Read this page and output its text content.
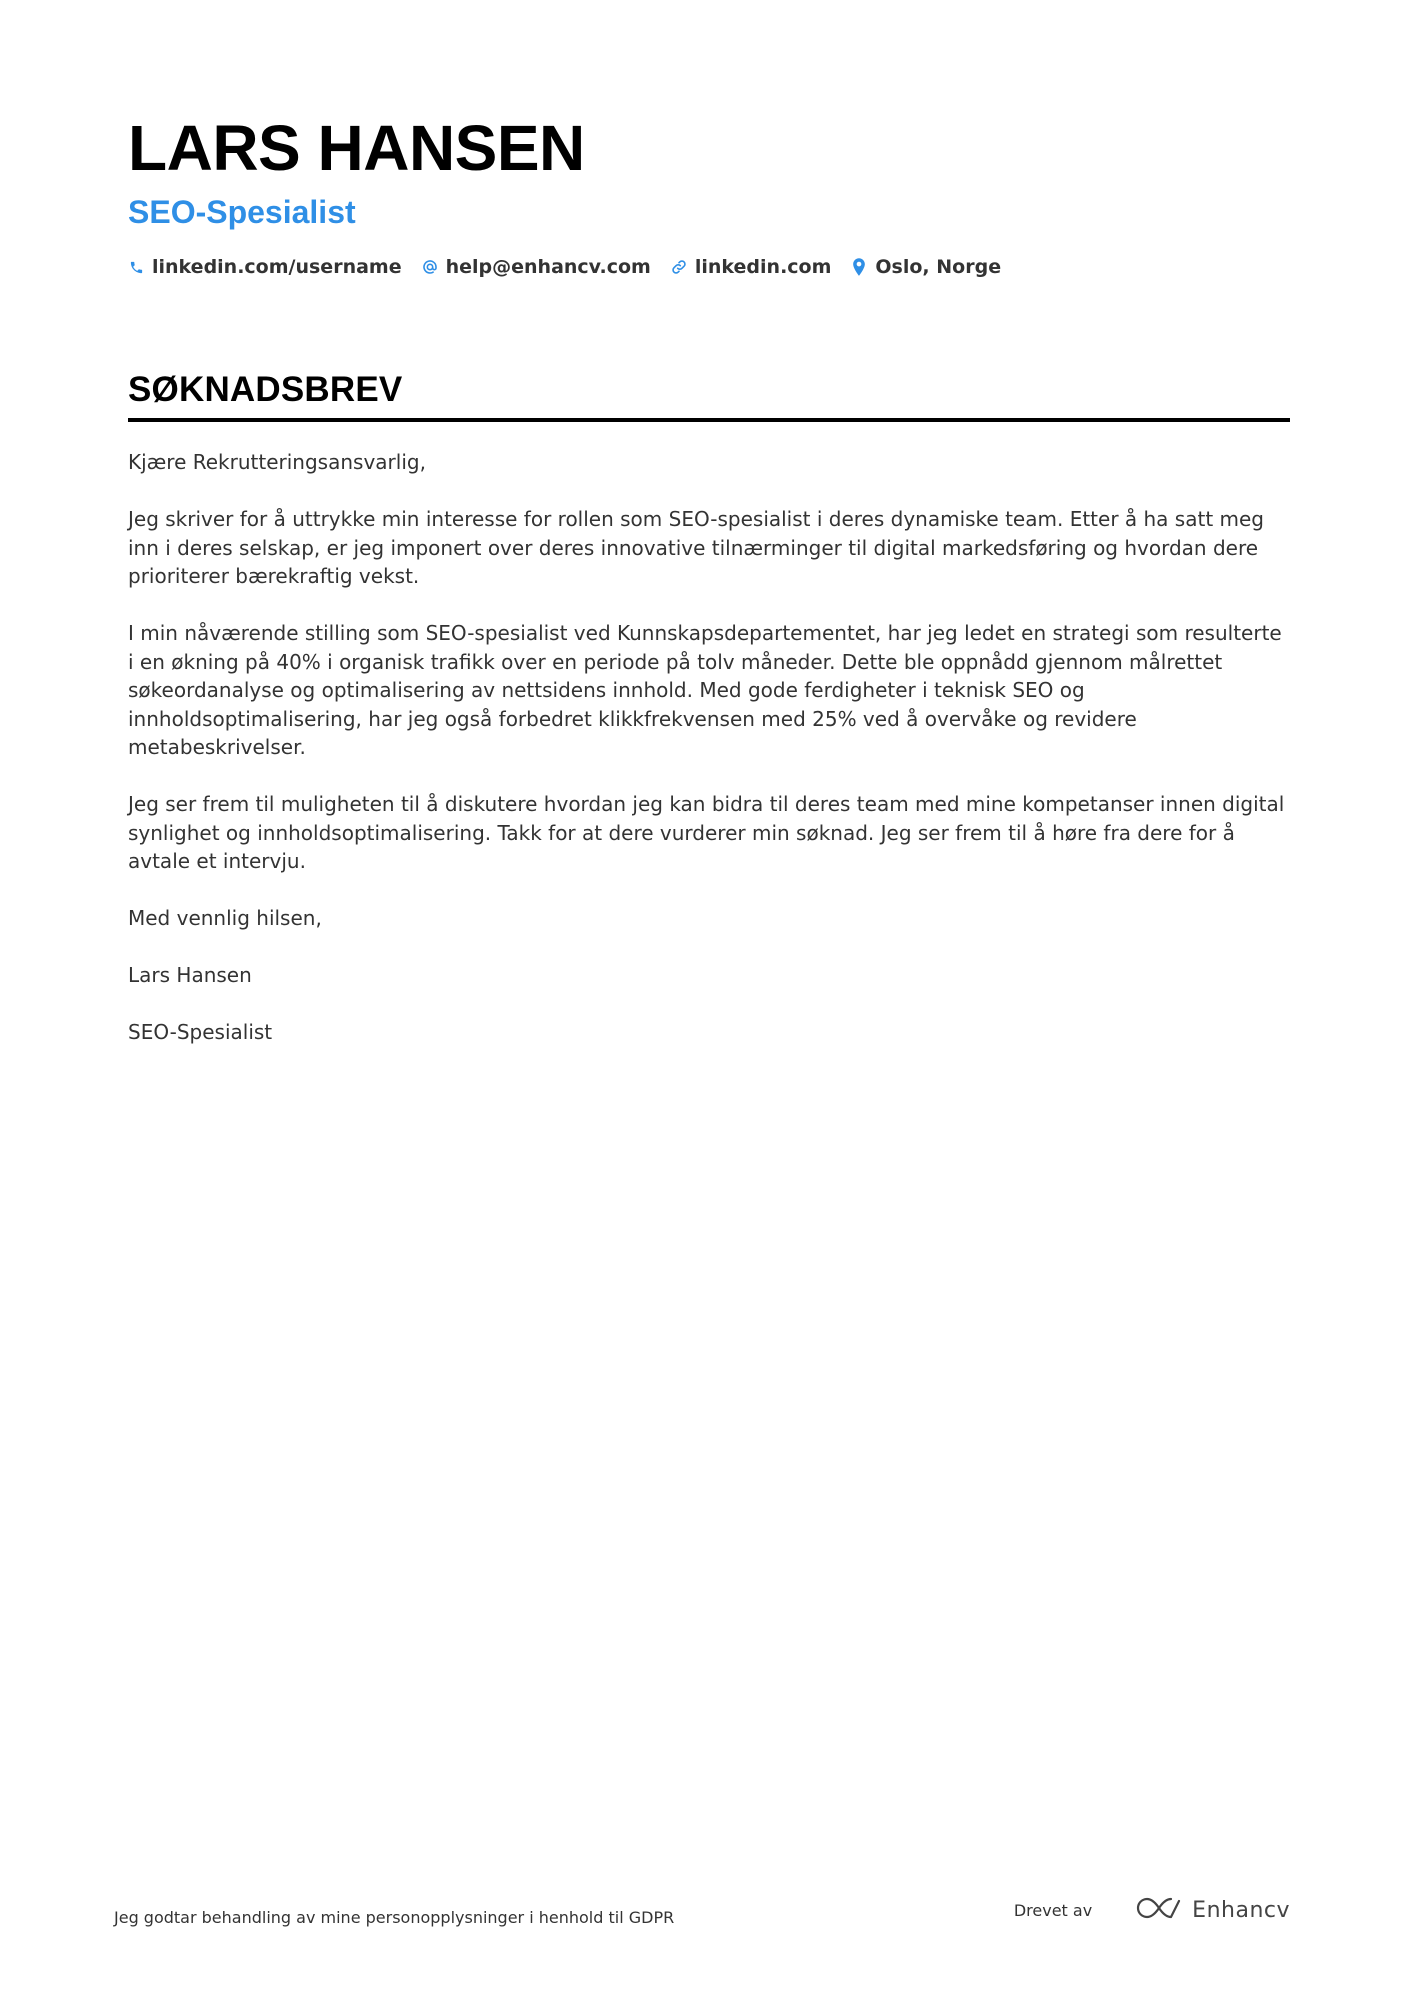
LARS HANSEN
SEO-Spesialist
linkedin.com/username help@enhancv.com linkedin.com Oslo, Norge
SØKNADSBREV

Kjære Rekrutteringsansvarlig,

Jeg skriver for å uttrykke min interesse for rollen som SEO-spesialist i deres dynamiske team. Etter å ha satt meg inn i deres selskap, er jeg imponert over deres innovative tilnærminger til digital markedsføring og hvordan dere prioriterer bærekraftig vekst.

I min nåværende stilling som SEO-spesialist ved Kunnskapsdepartementet, har jeg ledet en strategi som resulterte i en økning på 40% i organisk trafikk over en periode på tolv måneder. Dette ble oppnådd gjennom målrettet søkeordanalyse og optimalisering av nettsidens innhold. Med gode ferdigheter i teknisk SEO og innholdsoptimalisering, har jeg også forbedret klikkfrekvensen med 25% ved å overvåke og revidere metabeskrivelser.

Jeg ser frem til muligheten til å diskutere hvordan jeg kan bidra til deres team med mine kompetanser innen digital synlighet og innholdsoptimalisering. Takk for at dere vurderer min søknad. Jeg ser frem til å høre fra dere for å avtale et intervju.

Med vennlig hilsen,

Lars Hansen

SEO-Spesialist

Jeg godtar behandling av mine personopplysninger i henhold til GDPR	Drevet av	Enhancv
